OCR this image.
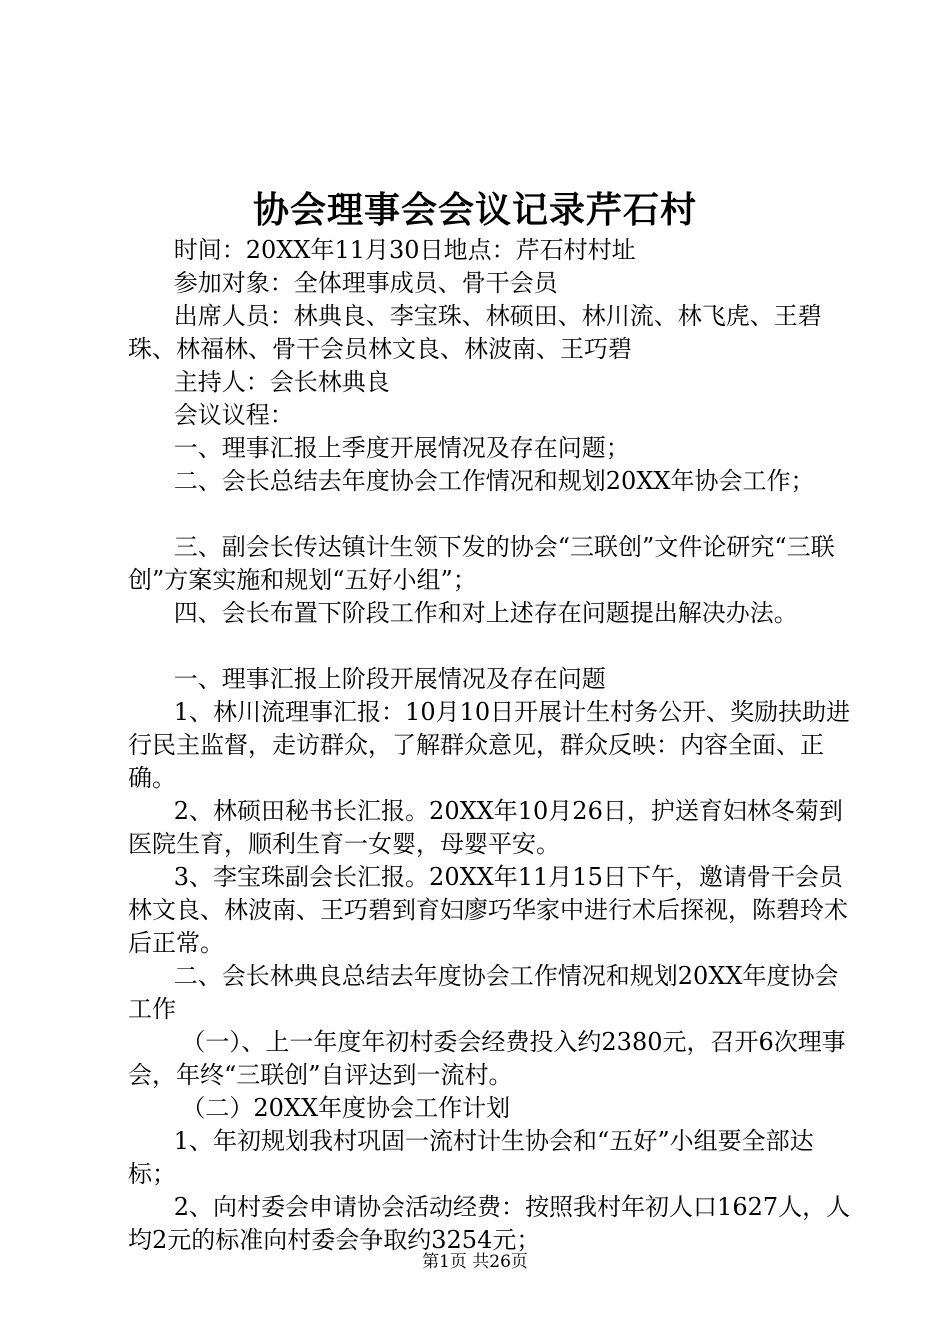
协会理事会会议记录芹石村

时间：20XX年11月30日地点：芹石村村址

参加对象：全体理事成员、骨干会员

出席人员：林典良、李宝珠、林硕田、林川流、林飞虎、王碧珠、林福林、骨干会员林文良、林波南、王巧碧

主持人：会长林典良

会议议程：

一、理事汇报上季度开展情况及存在问题；

二、会长总结去年度协会工作情况和规划20XX年协会工作；

三、副会长传达镇计生领下发的协会“三联创”文件论研究“三联创”方案实施和规划“五好小组”；

四、会长布置下阶段工作和对上述存在问题提出解决办法。

一、理事汇报上阶段开展情况及存在问题

1、林川流理事汇报：10月10日开展计生村务公开、奖励扶助进行民主监督，走访群众，了解群众意见，群众反映：内容全面、正确。

2、林硕田秘书长汇报。20XX年10月26日，护送育妇林冬菊到医院生育，顺利生育一女婴，母婴平安。

3、李宝珠副会长汇报。20XX年11月15日下午，邀请骨干会员林文良、林波南、王巧碧到育妇廖巧华家中进行术后探视，陈碧玲术后正常。

二、会长林典良总结去年度协会工作情况和规划20XX年度协会工作

（一）、上一年度年初村委会经费投入约2380元，召开6次理事会，年终“三联创”自评达到一流村。

（二）20XX年度协会工作计划

1、年初规划我村巩固一流村计生协会和“五好”小组要全部达标；

2、向村委会申请协会活动经费：按照我村年初人口1627人，人均2元的标准向村委会争取约3254元；

第1页 共26页
